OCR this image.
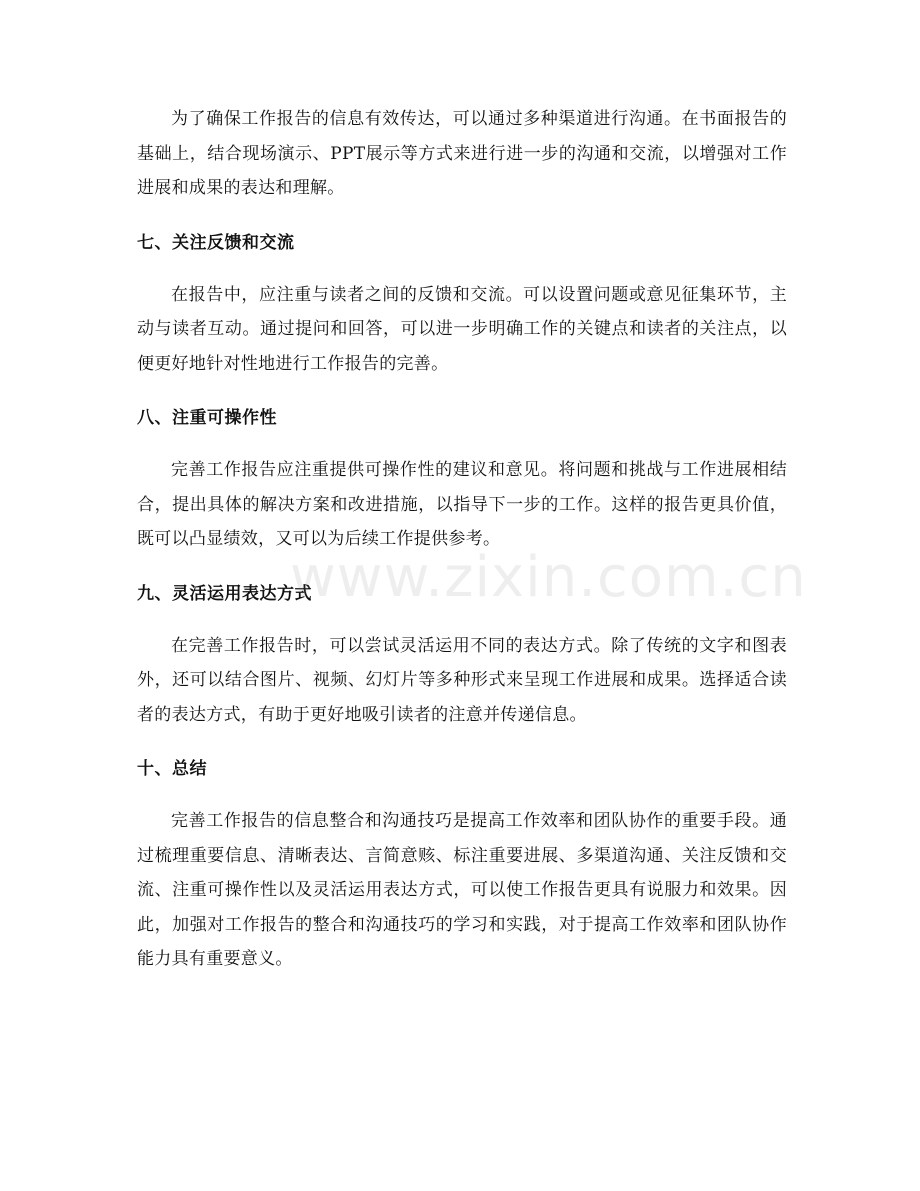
为了确保工作报告的信息有效传达，可以通过多种渠道进行沟通。在书面报告的基础上，结合现场演示、PPT展示等方式来进行进一步的沟通和交流，以增强对工作进展和成果的表达和理解。

七、关注反馈和交流

在报告中，应注重与读者之间的反馈和交流。可以设置问题或意见征集环节，主动与读者互动。通过提问和回答，可以进一步明确工作的关键点和读者的关注点，以便更好地针对性地进行工作报告的完善。

八、注重可操作性

完善工作报告应注重提供可操作性的建议和意见。将问题和挑战与工作进展相结合，提出具体的解决方案和改进措施，以指导下一步的工作。这样的报告更具价值，既可以凸显绩效，又可以为后续工作提供参考。

九、灵活运用表达方式

在完善工作报告时，可以尝试灵活运用不同的表达方式。除了传统的文字和图表外，还可以结合图片、视频、幻灯片等多种形式来呈现工作进展和成果。选择适合读者的表达方式，有助于更好地吸引读者的注意并传递信息。

十、总结

完善工作报告的信息整合和沟通技巧是提高工作效率和团队协作的重要手段。通过梳理重要信息、清晰表达、言简意赅、标注重要进展、多渠道沟通、关注反馈和交流、注重可操作性以及灵活运用表达方式，可以使工作报告更具有说服力和效果。因此，加强对工作报告的整合和沟通技巧的学习和实践，对于提高工作效率和团队协作能力具有重要意义。

www.zixin.com.cn
